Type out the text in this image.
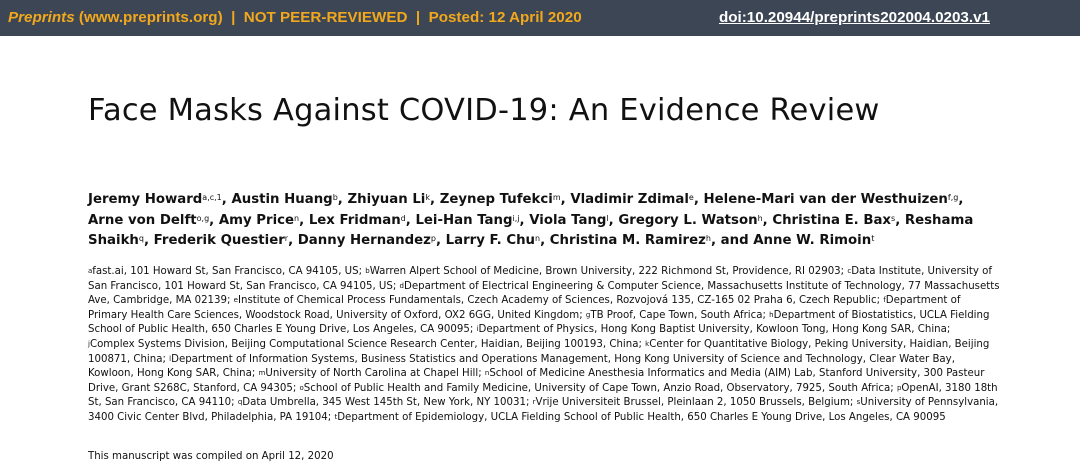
Preprints (www.preprints.org)  |  NOT PEER-REVIEWED  |  Posted: 12 April 2020	doi:10.20944/preprints202004.0203.v1
Face Masks Against COVID-19: An Evidence Review

Jeremy Howard$^{a,c,1}$, Austin Huang$^b$, Zhiyuan Li$^k$, Zeynep Tufekci$^m$, Vladimir Zdimal$^e$, Helene-Mari van der Westhuizen$^{f,g}$, Arne von Delft$^{o,g}$, Amy Price$^n$, Lex Fridman$^d$, Lei-Han Tang$^{i,j}$, Viola Tang$^l$, Gregory L. Watson$^h$, Christina E. Bax$^s$, Reshama Shaikh$^q$, Frederik Questier$^r$, Danny Hernandez$^p$, Larry F. Chu$^n$, Christina M. Ramirez$^h$, and Anne W. Rimoin$^t$

$^a$fast.ai, 101 Howard St, San Francisco, CA 94105, US; $^b$Warren Alpert School of Medicine, Brown University, 222 Richmond St, Providence, RI 02903; $^c$Data Institute, University of San Francisco, 101 Howard St, San Francisco, CA 94105, US; $^d$Department of Electrical Engineering & Computer Science, Massachusetts Institute of Technology, 77 Massachusetts Ave, Cambridge, MA 02139; $^e$Institute of Chemical Process Fundamentals, Czech Academy of Sciences, Rozvojová 135, CZ-165 02 Praha 6, Czech Republic; $^f$Department of Primary Health Care Sciences, Woodstock Road, University of Oxford, OX2 6GG, United Kingdom; $^g$TB Proof, Cape Town, South Africa; $^h$Department of Biostatistics, UCLA Fielding School of Public Health, 650 Charles E Young Drive, Los Angeles, CA 90095; $^i$Department of Physics, Hong Kong Baptist University, Kowloon Tong, Hong Kong SAR, China; $^j$Complex Systems Division, Beijing Computational Science Research Center, Haidian, Beijing 100193, China; $^k$Center for Quantitative Biology, Peking University, Haidian, Beijing 100871, China; $^l$Department of Information Systems, Business Statistics and Operations Management, Hong Kong University of Science and Technology, Clear Water Bay, Kowloon, Hong Kong SAR, China; $^m$University of North Carolina at Chapel Hill; $^n$School of Medicine Anesthesia Informatics and Media (AIM) Lab, Stanford University, 300 Pasteur Drive, Grant S268C, Stanford, CA 94305; $^o$School of Public Health and Family Medicine, University of Cape Town, Anzio Road, Observatory, 7925, South Africa; $^p$OpenAI, 3180 18th St, San Francisco, CA 94110; $^q$Data Umbrella, 345 West 145th St, New York, NY 10031; $^r$Vrije Universiteit Brussel, Pleinlaan 2, 1050 Brussels, Belgium; $^s$University of Pennsylvania, 3400 Civic Center Blvd, Philadelphia, PA 19104; $^t$Department of Epidemiology, UCLA Fielding School of Public Health, 650 Charles E Young Drive, Los Angeles, CA 90095

This manuscript was compiled on April 12, 2020
